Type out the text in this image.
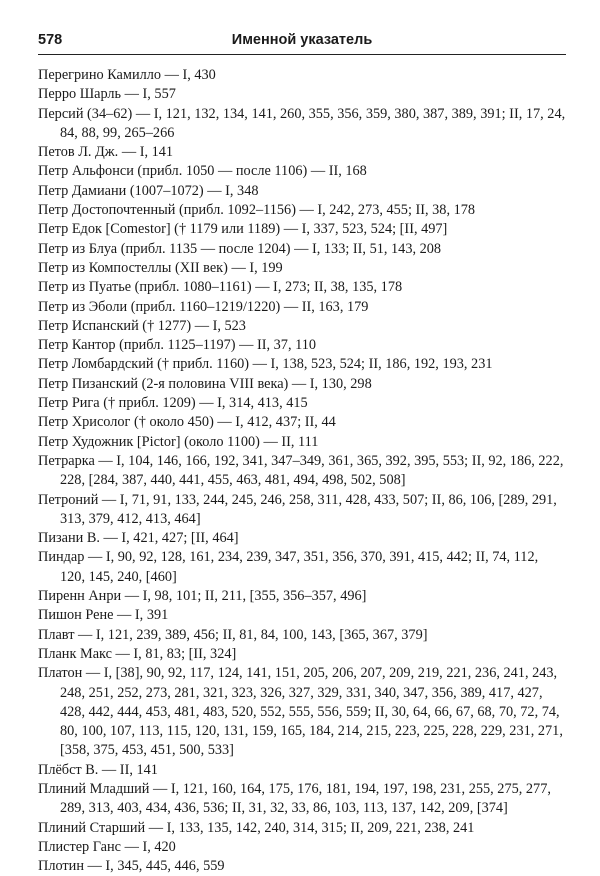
578	Именной указатель
Перегрино Камилло — I, 430
Перро Шарль — I, 557
Персий (34–62) — I, 121, 132, 134, 141, 260, 355, 356, 359, 380, 387, 389, 391; II, 17, 24, 84, 88, 99, 265–266
Петов Л. Дж. — I, 141
Петр Альфонси (прибл. 1050 — после 1106) — II, 168
Петр Дамиани (1007–1072) — I, 348
Петр Достопочтенный (прибл. 1092–1156) — I, 242, 273, 455; II, 38, 178
Петр Едок [Comestor] († 1179 или 1189) — I, 337, 523, 524; [II, 497]
Петр из Блуа (прибл. 1135 — после 1204) — I, 133; II, 51, 143, 208
Петр из Компостеллы (XII век) — I, 199
Петр из Пуатье (прибл. 1080–1161) — I, 273; II, 38, 135, 178
Петр из Эболи (прибл. 1160–1219/1220) — II, 163, 179
Петр Испанский († 1277) — I, 523
Петр Кантор (прибл. 1125–1197) — II, 37, 110
Петр Ломбардский († прибл. 1160) — I, 138, 523, 524; II, 186, 192, 193, 231
Петр Пизанский (2-я половина VIII века) — I, 130, 298
Петр Рига († прибл. 1209) — I, 314, 413, 415
Петр Хрисолог († около 450) — I, 412, 437; II, 44
Петр Художник [Pictor] (около 1100) — II, 111
Петрарка — I, 104, 146, 166, 192, 341, 347–349, 361, 365, 392, 395, 553; II, 92, 186, 222, 228, [284, 387, 440, 441, 455, 463, 481, 494, 498, 502, 508]
Петроний — I, 71, 91, 133, 244, 245, 246, 258, 311, 428, 433, 507; II, 86, 106, [289, 291, 313, 379, 412, 413, 464]
Пизани В. — I, 421, 427; [II, 464]
Пиндар — I, 90, 92, 128, 161, 234, 239, 347, 351, 356, 370, 391, 415, 442; II, 74, 112, 120, 145, 240, [460]
Пиренн Анри — I, 98, 101; II, 211, [355, 356–357, 496]
Пишон Рене — I, 391
Плавт — I, 121, 239, 389, 456; II, 81, 84, 100, 143, [365, 367, 379]
Планк Макс — I, 81, 83; [II, 324]
Платон — I, [38], 90, 92, 117, 124, 141, 151, 205, 206, 207, 209, 219, 221, 236, 241, 243, 248, 251, 252, 273, 281, 321, 323, 326, 327, 329, 331, 340, 347, 356, 389, 417, 427, 428, 442, 444, 453, 481, 483, 520, 552, 555, 556, 559; II, 30, 64, 66, 67, 68, 70, 72, 74, 80, 100, 107, 113, 115, 120, 131, 159, 165, 184, 214, 215, 223, 225, 228, 229, 231, 271, [358, 375, 453, 451, 500, 533]
Плёбст В. — II, 141
Плиний Младший — I, 121, 160, 164, 175, 176, 181, 194, 197, 198, 231, 255, 275, 277, 289, 313, 403, 434, 436, 536; II, 31, 32, 33, 86, 103, 113, 137, 142, 209, [374]
Плиний Старший — I, 133, 135, 142, 240, 314, 315; II, 209, 221, 238, 241
Плистер Ганс — I, 420
Плотин — I, 345, 445, 446, 559
